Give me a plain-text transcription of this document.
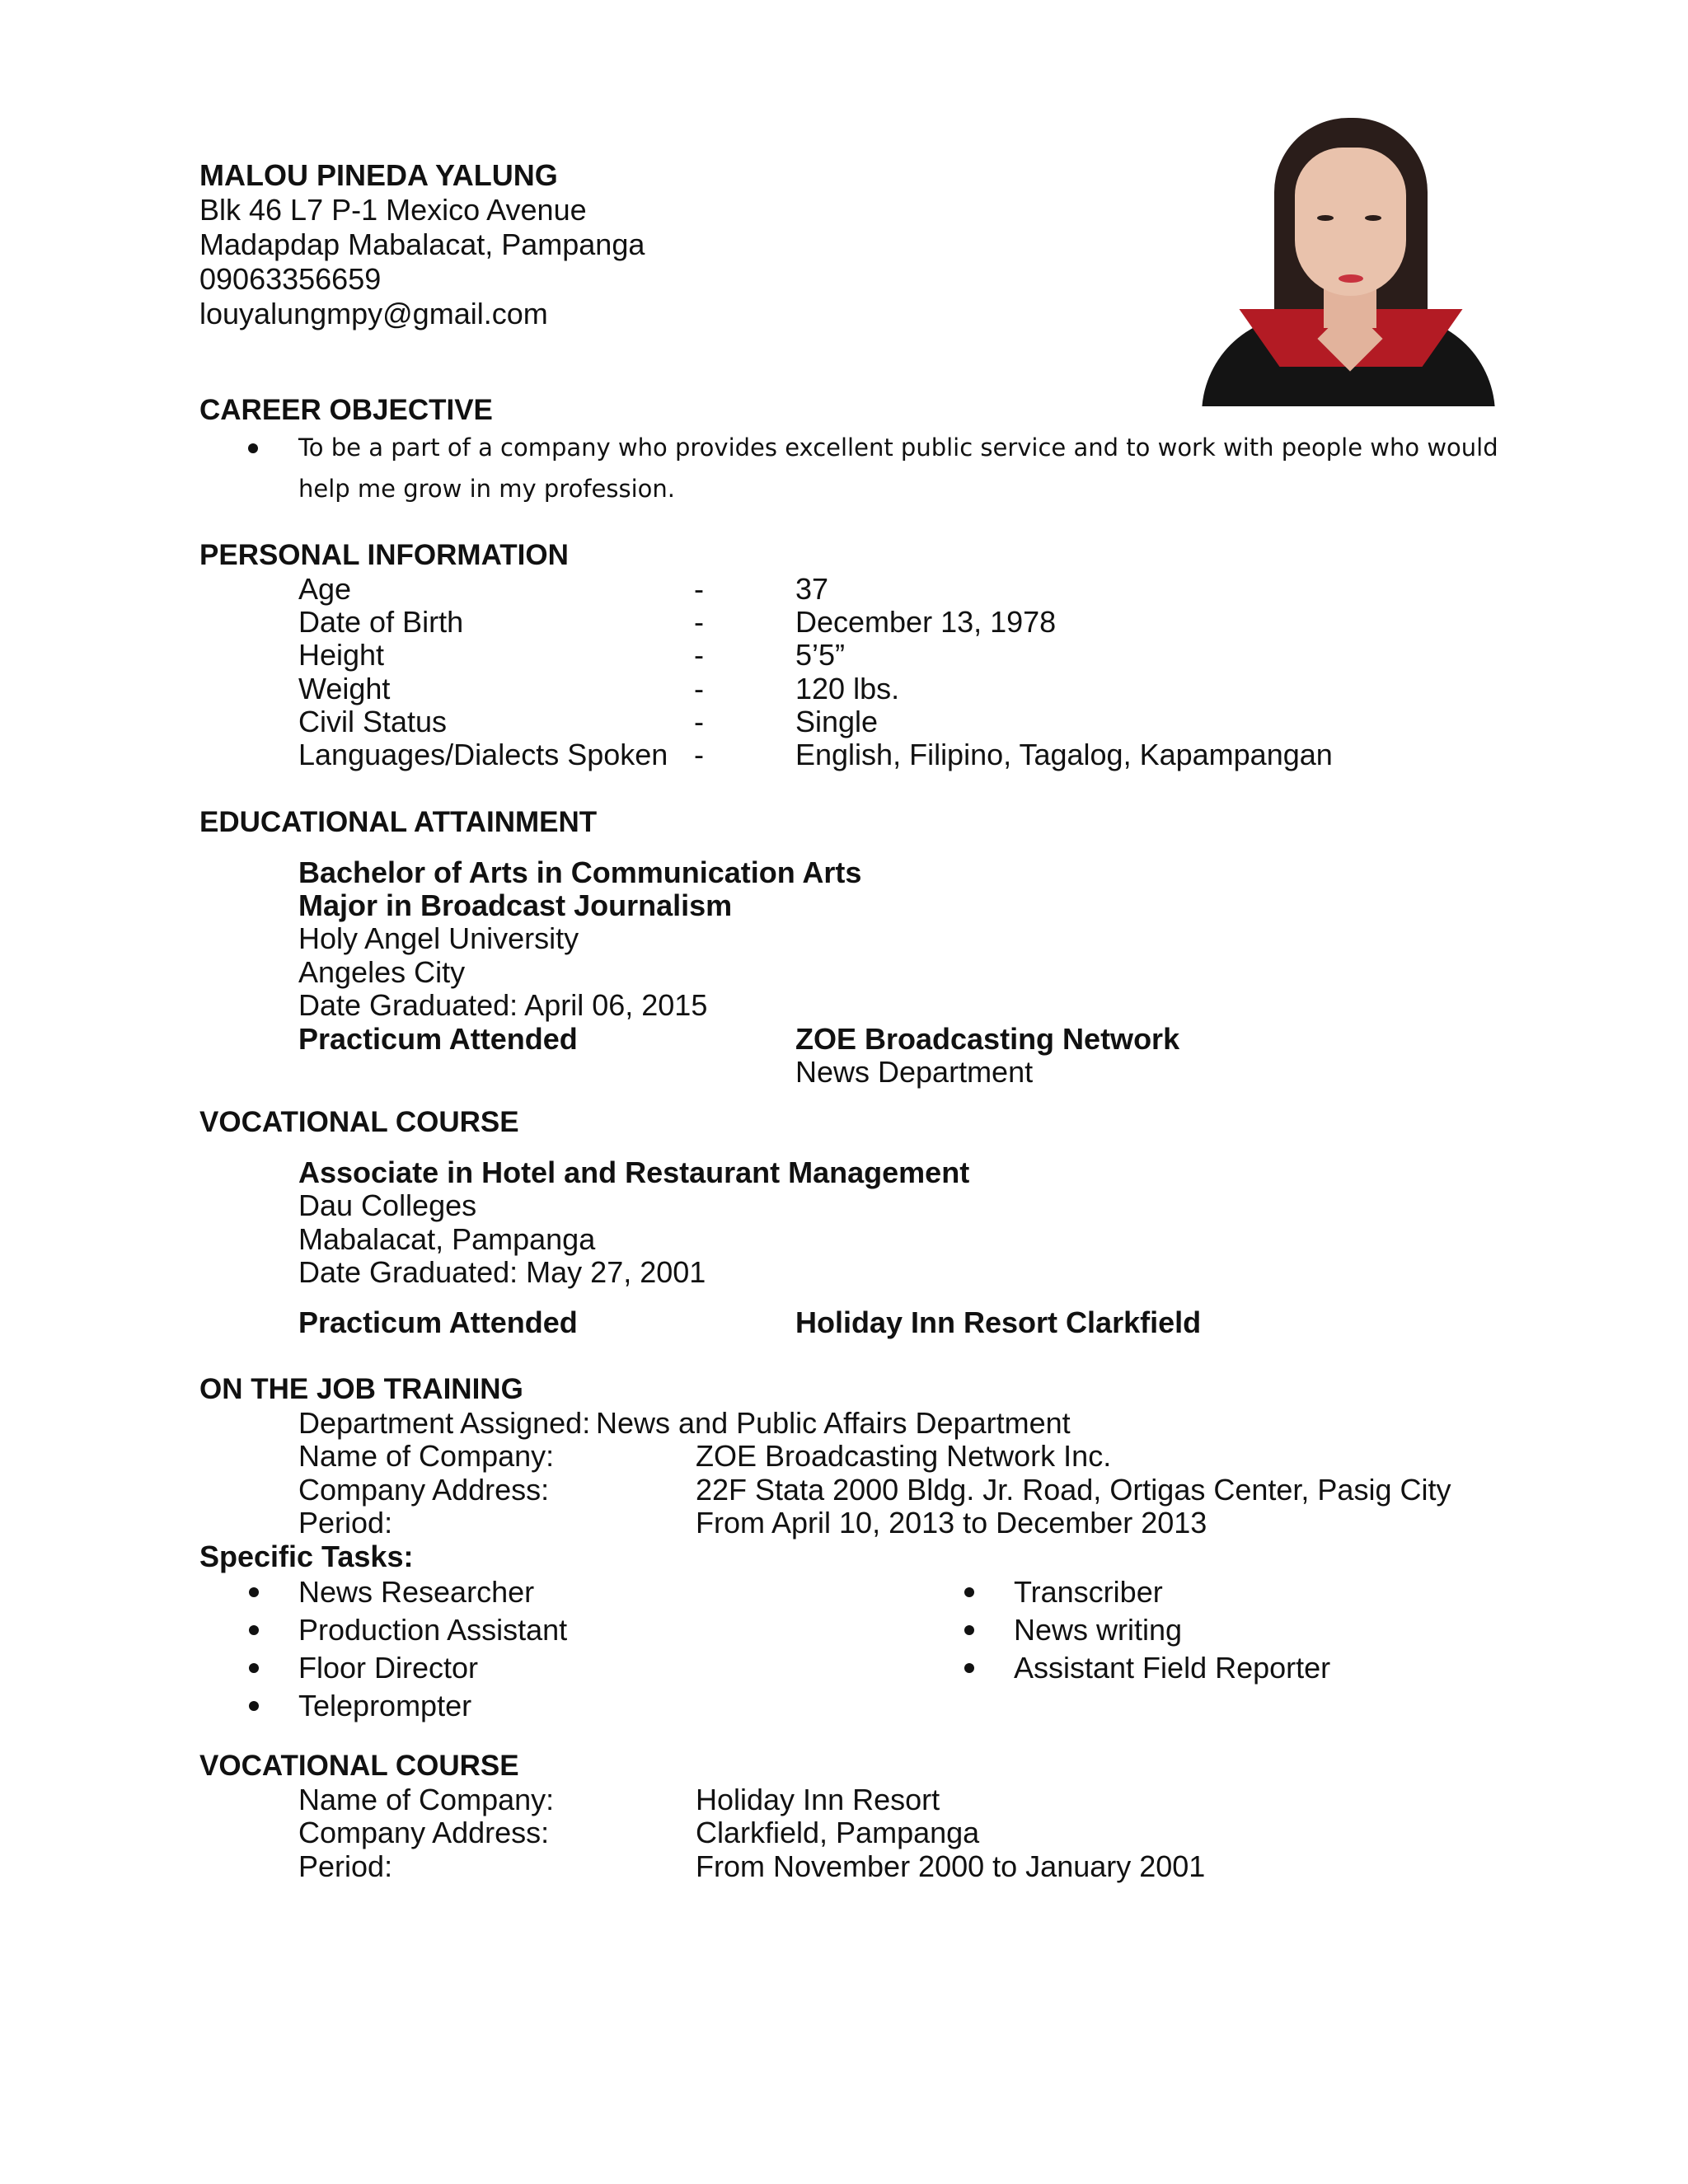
MALOU PINEDA YALUNG
Blk 46 L7 P-1 Mexico Avenue
Madapdap Mabalacat, Pampanga
09063356659
louyalungmpy@gmail.com
CAREER OBJECTIVE
To be a part of a company who provides excellent public service and to work with people who would help me grow in my profession.
PERSONAL INFORMATION
Age	-	37
Date of Birth	-	December 13, 1978
Height	-	5’5”
Weight	-	120 lbs.
Civil Status	-	Single
Languages/Dialects Spoken -	English, Filipino, Tagalog, Kapampangan
EDUCATIONAL ATTAINMENT
Bachelor of Arts in Communication Arts
Major in Broadcast Journalism
Holy Angel University
Angeles City
Date Graduated: April 06, 2015
Practicum Attended	ZOE Broadcasting Network
News Department
VOCATIONAL COURSE
Associate in Hotel and Restaurant Management
Dau Colleges
Mabalacat, Pampanga
Date Graduated: May 27, 2001
Practicum Attended	Holiday Inn Resort Clarkfield
ON THE JOB TRAINING
Department Assigned: News and Public Affairs Department
Name of Company:	ZOE Broadcasting Network Inc.
Company Address:	22F Stata 2000 Bldg. Jr. Road, Ortigas Center, Pasig City
Period:	From April 10, 2013 to December 2013
Specific Tasks:
News Researcher
Production Assistant
Floor Director
Teleprompter
Transcriber
News writing
Assistant Field Reporter
VOCATIONAL COURSE
Name of Company:	Holiday Inn Resort
Company Address:	Clarkfield, Pampanga
Period:	From November 2000 to January 2001
